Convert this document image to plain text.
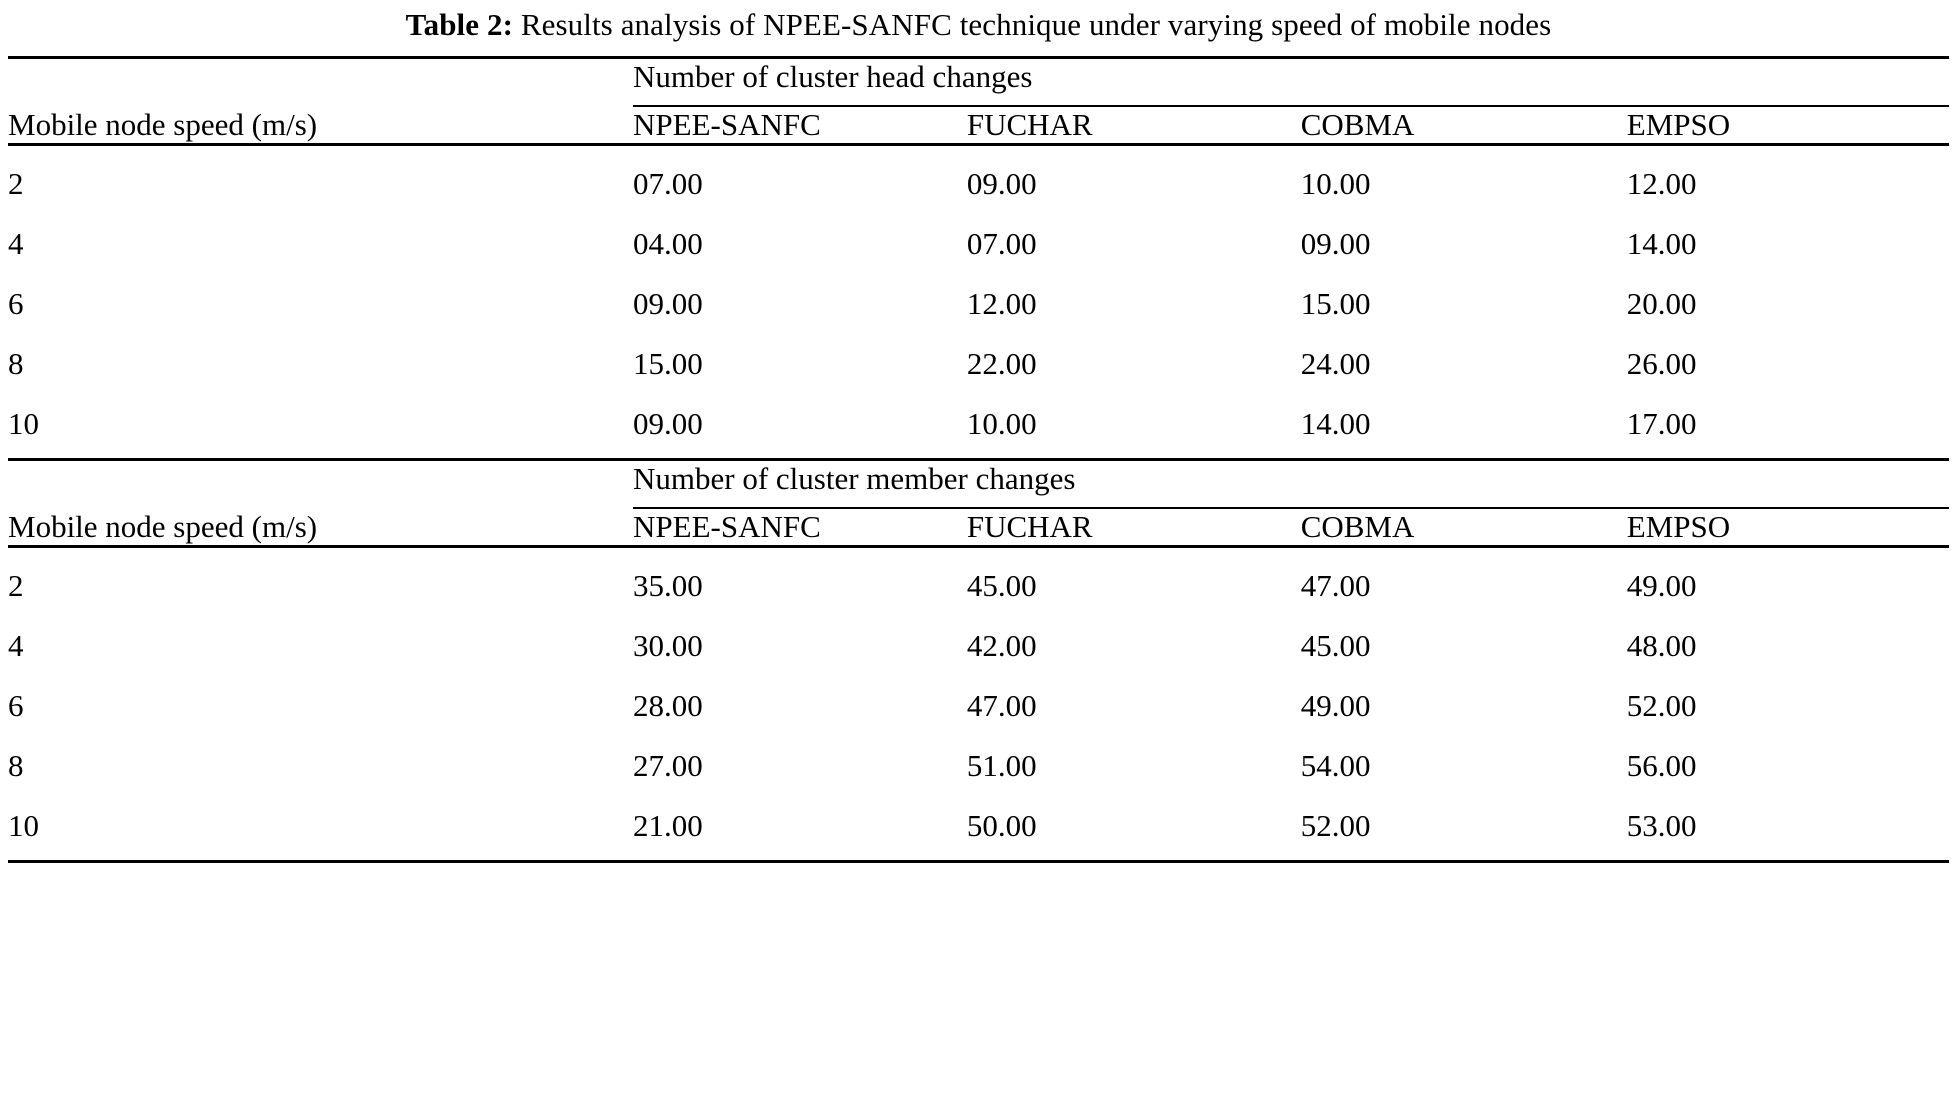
Table 2: Results analysis of NPEE-SANFC technique under varying speed of mobile nodes

	Number of cluster head changes			

Mobile node speed (m/s)	NPEE-SANFC	FUCHAR	COBMA	EMPSO
2	07.00	09.00	10.00	12.00
4	04.00	07.00	09.00	14.00
6	09.00	12.00	15.00	20.00
8	15.00	22.00	24.00	26.00
10	09.00	10.00	14.00	17.00

	Number of cluster member changes			

Mobile node speed (m/s)	NPEE-SANFC	FUCHAR	COBMA	EMPSO
2	35.00	45.00	47.00	49.00
4	30.00	42.00	45.00	48.00
6	28.00	47.00	49.00	52.00
8	27.00	51.00	54.00	56.00
10	21.00	50.00	52.00	53.00
